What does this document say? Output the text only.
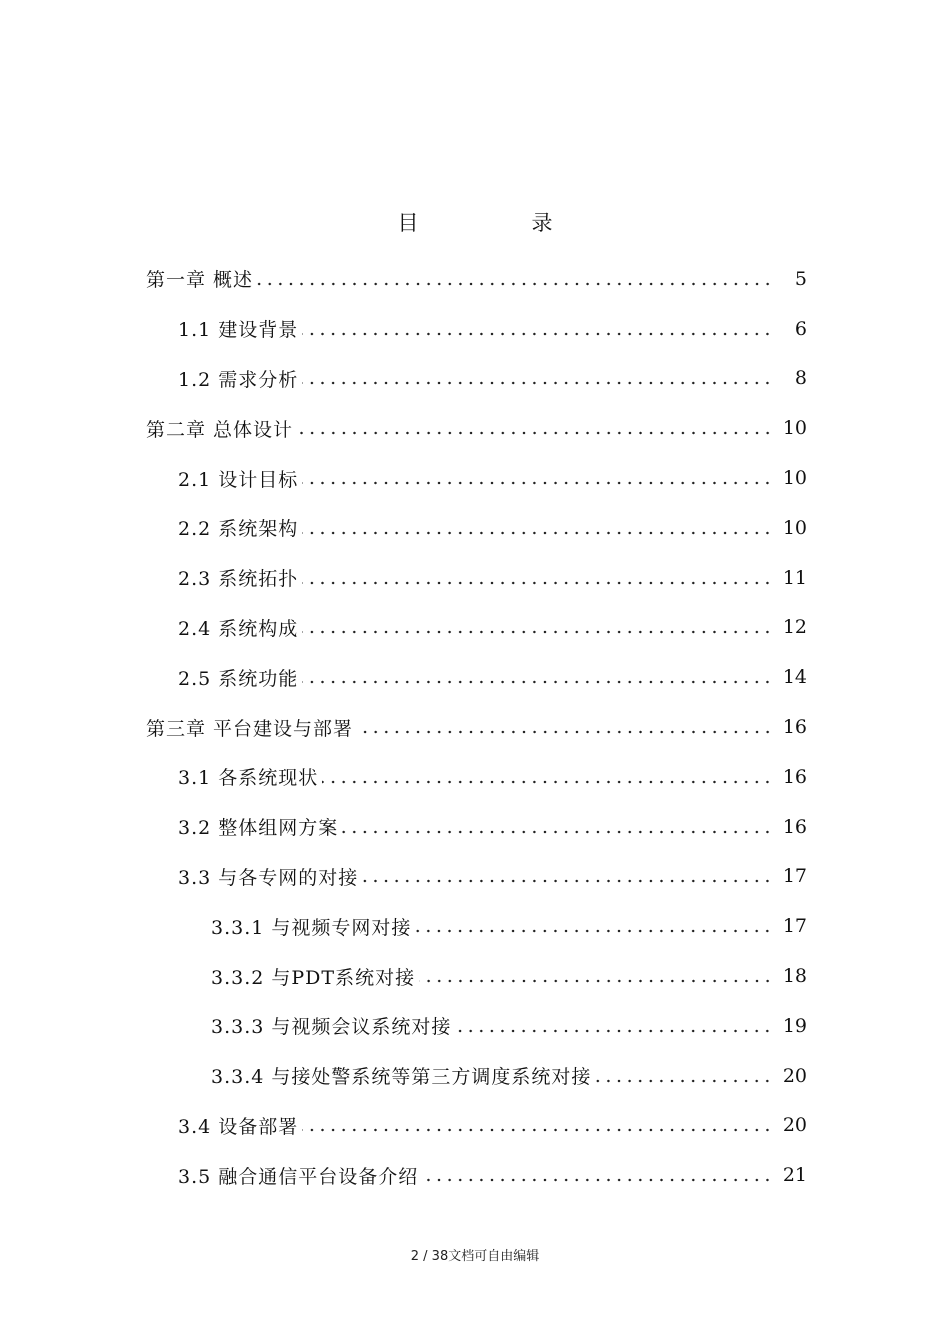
目　录
第一章 概述	5
1.1 建设背景	6
1.2 需求分析	8
第二章 总体设计	10
2.1 设计目标	10
2.2 系统架构	10
2.3 系统拓扑	11
2.4 系统构成	12
2.5 系统功能	14
第三章 平台建设与部署	16
3.1 各系统现状	16
3.2 整体组网方案	16
3.3 与各专网的对接	17
3.3.1 与视频专网对接	17
3.3.2 与PDT系统对接	18
3.3.3 与视频会议系统对接	19
3.3.4 与接处警系统等第三方调度系统对接	20
3.4 设备部署	20
3.5 融合通信平台设备介绍	21
2 / 38文档可自由编辑
